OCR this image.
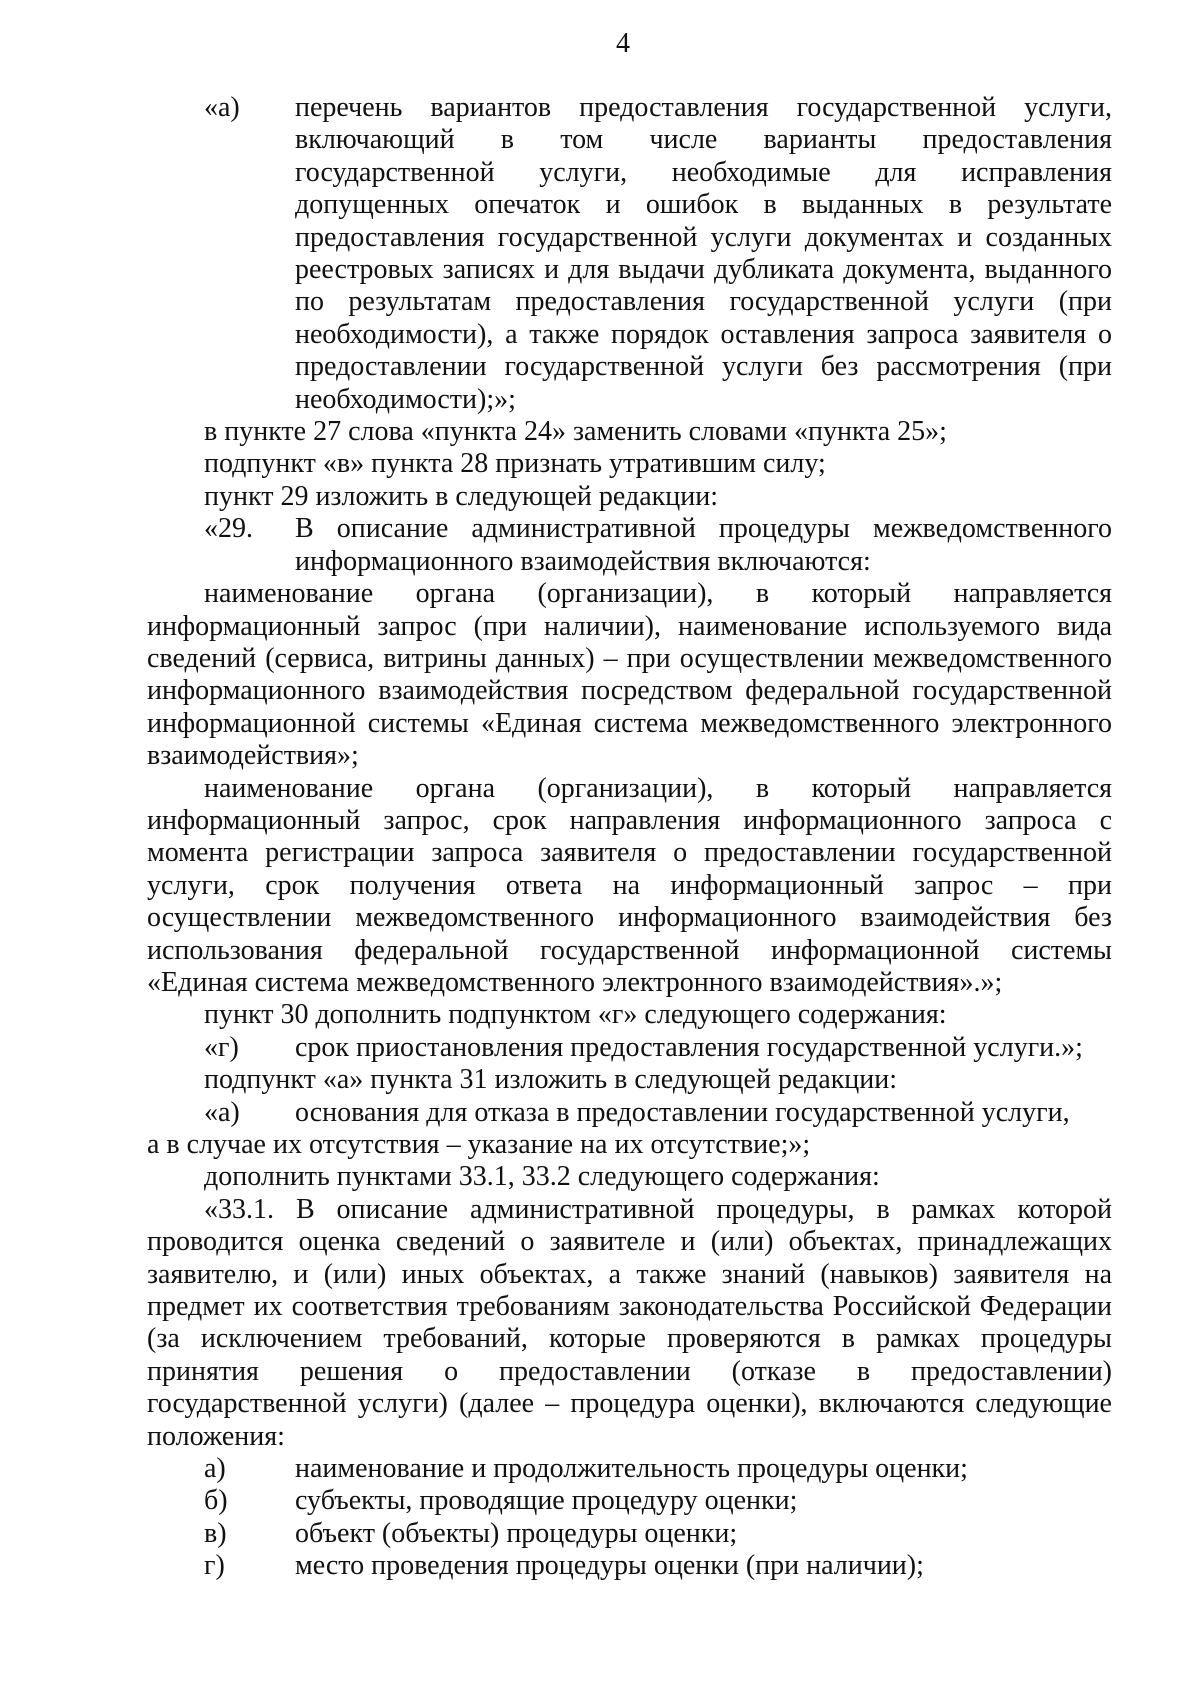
4
«а)	перечень вариантов предоставления государственной услуги, включающий в том числе варианты предоставления государственной услуги, необходимые для исправления допущенных опечаток и ошибок в выданных в результате предоставления государственной услуги документах и созданных реестровых записях и для выдачи дубликата документа, выданного по результатам предоставления государственной услуги (при необходимости), а также порядок оставления запроса заявителя о предоставлении государственной услуги без рассмотрения (при необходимости);»;

в пункте 27 слова «пункта 24» заменить словами «пункта 25»;

подпункт «в» пункта 28 признать утратившим силу;

пункт 29 изложить в следующей редакции:

«29.	В описание административной процедуры межведомственного информационного взаимодействия включаются:

наименование органа (организации), в который направляется информационный запрос (при наличии), наименование используемого вида сведений (сервиса, витрины данных) – при осуществлении межведомственного информационного взаимодействия посредством федеральной государственной информационной системы «Единая система межведомственного электронного взаимодействия»;

наименование органа (организации), в который направляется информационный запрос, срок направления информационного запроса с момента регистрации запроса заявителя о предоставлении государственной услуги, срок получения ответа на информационный запрос – при осуществлении межведомственного информационного взаимодействия без использования федеральной государственной информационной системы «Единая система межведомственного электронного взаимодействия».»;

пункт 30 дополнить подпунктом «г» следующего содержания:

«г)	срок приостановления предоставления государственной услуги.»;

подпункт «а» пункта 31 изложить в следующей редакции:

«а)	основания для отказа в предоставлении государственной услуги,

а в случае их отсутствия – указание на их отсутствие;»;

дополнить пунктами 33.1, 33.2 следующего содержания:

«33.1. В описание административной процедуры, в рамках которой проводится оценка сведений о заявителе и (или) объектах, принадлежащих заявителю, и (или) иных объектах, а также знаний (навыков) заявителя на предмет их соответствия требованиям законодательства Российской Федерации (за исключением требований, которые проверяются в рамках процедуры принятия решения о предоставлении (отказе в предоставлении) государственной услуги) (далее – процедура оценки), включаются следующие положения:

а)	наименование и продолжительность процедуры оценки;
б)	субъекты, проводящие процедуру оценки;
в)	объект (объекты) процедуры оценки;
г)	место проведения процедуры оценки (при наличии);
